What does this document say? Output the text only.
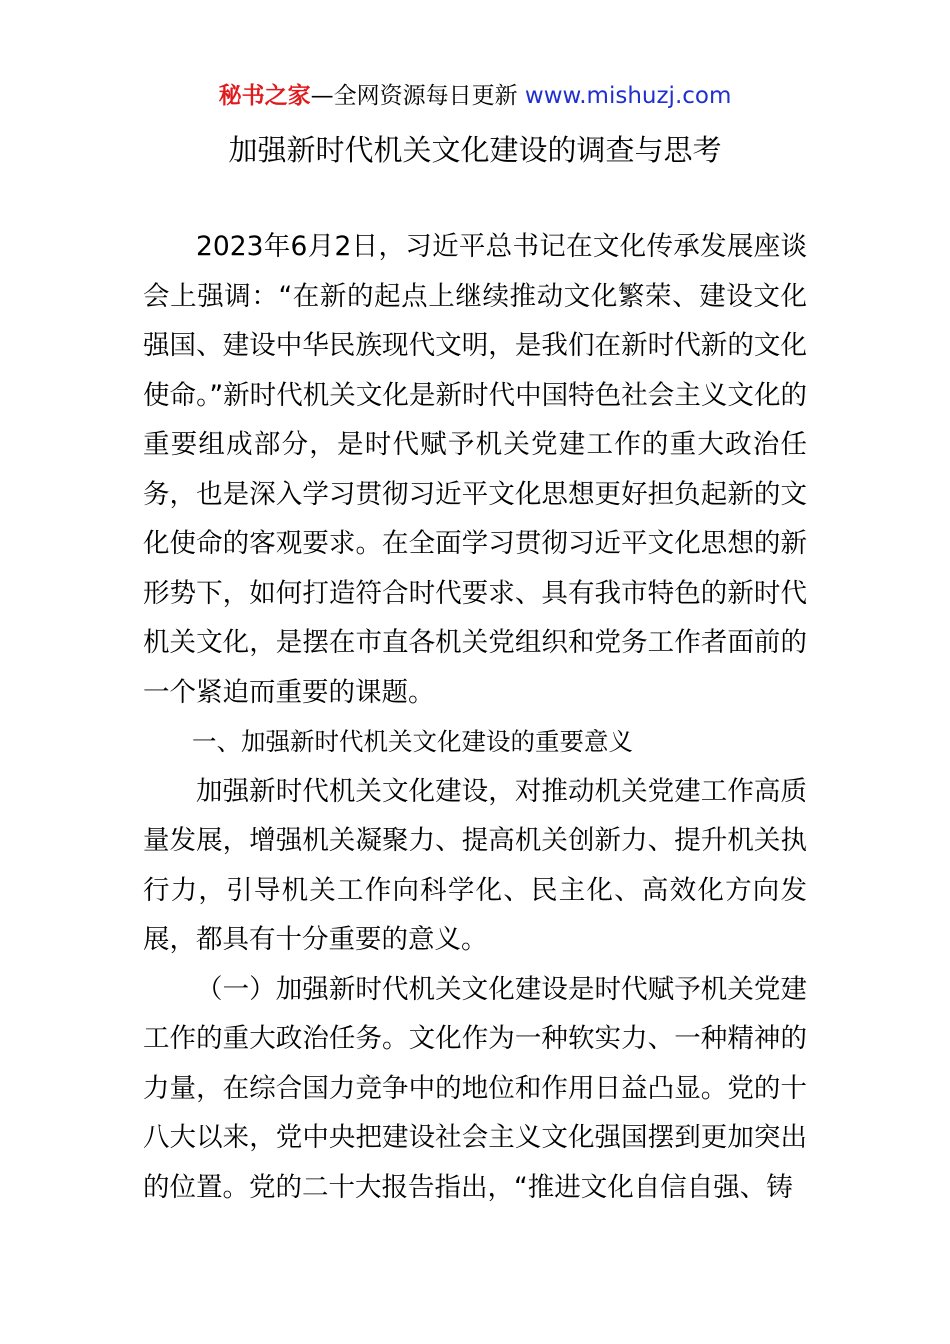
秘书之家—全网资源每日更新 www.mishuzj.com
加强新时代机关文化建设的调查与思考

2023年6月2日，习近平总书记在文化传承发展座谈会上强调：“在新的起点上继续推动文化繁荣、建设文化强国、建设中华民族现代文明，是我们在新时代新的文化使命。”新时代机关文化是新时代中国特色社会主义文化的重要组成部分，是时代赋予机关党建工作的重大政治任务，也是深入学习贯彻习近平文化思想更好担负起新的文化使命的客观要求。在全面学习贯彻习近平文化思想的新形势下，如何打造符合时代要求、具有我市特色的新时代机关文化，是摆在市直各机关党组织和党务工作者面前的一个紧迫而重要的课题。

一、加强新时代机关文化建设的重要意义

加强新时代机关文化建设，对推动机关党建工作高质量发展，增强机关凝聚力、提高机关创新力、提升机关执行力，引导机关工作向科学化、民主化、高效化方向发展，都具有十分重要的意义。

（一）加强新时代机关文化建设是时代赋予机关党建工作的重大政治任务。文化作为一种软实力、一种精神的力量，在综合国力竞争中的地位和作用日益凸显。党的十八大以来，党中央把建设社会主义文化强国摆到更加突出的位置。党的二十大报告指出，“推进文化自信自强、铸
